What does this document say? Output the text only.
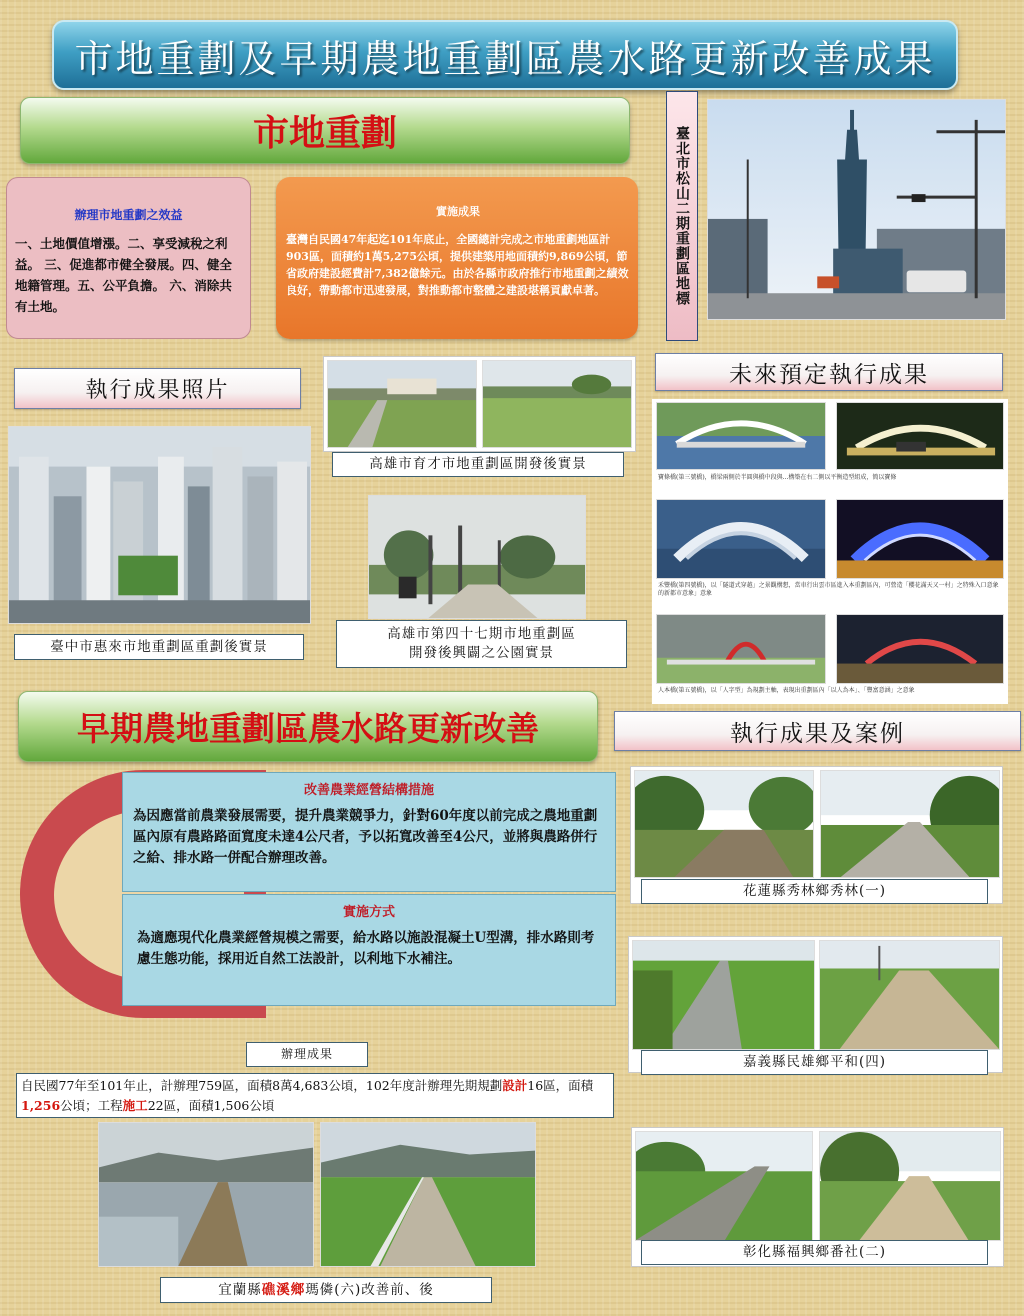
市地重劃及早期農地重劃區農水路更新改善成果
市地重劃
辦理市地重劃之效益
一、土地價值增漲。二、享受減稅之利益。 三、促進都市健全發展。四、健全地籍管理。五、公平負擔。 六、消除共有土地。
實施成果
臺灣自民國47年起迄101年底止，全國總計完成之市地重劃地區計903區，面積約1萬5,275公頃，提供建築用地面積約9,869公頃，節省政府建設經費計7,382億餘元。由於各縣市政府推行市地重劃之績效良好，帶動都市迅速發展，對推動都市整體之建設堪稱貢獻卓著。	臺北市松山二期重劃區地標
執行成果照片
臺中市惠來市地重劃區重劃後實景
高雄市育才市地重劃區開發後實景
高雄市第四十七期市地重劃區
開發後興闢之公園實景
未來預定執行成果
寶條橋(第三號橋)，橋梁兩側於半圓與橋中段與...構築在右二側以平衡造型組成，簡以寶條
禾豐橋(第四號橋)，以「隧道式穿越」之景觀構想，當車行出雲市區進入本重劃區內，可營造「櫻花滿天又一村」之特殊入口意象的新都市意象」意象
人本橋(第五號橋)，以「人字型」為規劃主軸，表現出重劃區內「以人為本」、「豐富意涵」之意象
早期農地重劃區農水路更新改善	執行成果及案例
改善農業經營結構措施
為因應當前農業發展需要，提升農業競爭力，針對60年度以前完成之農地重劃區內原有農路路面寬度未達4公尺者，予以拓寬改善至4公尺，並將與農路併行之給、排水路一併配合辦理改善。
實施方式
為適應現代化農業經營規模之需要，給水路以施設混凝土U型溝，排水路則考慮生態功能，採用近自然工法設計，以利地下水補注。
辦理成果
自民國77年至101年止，計辦理759區，面積8萬4,683公頃，102年度計辦理先期規劃設計16區，面積1,256公頃；工程施工22區，面積1,506公頃
宜蘭縣 礁溪鄉 瑪僯(六)改善前、後
花蓮縣秀林鄉秀林(一)
嘉義縣民雄鄉平和(四)
彰化縣福興鄉番社(二)
